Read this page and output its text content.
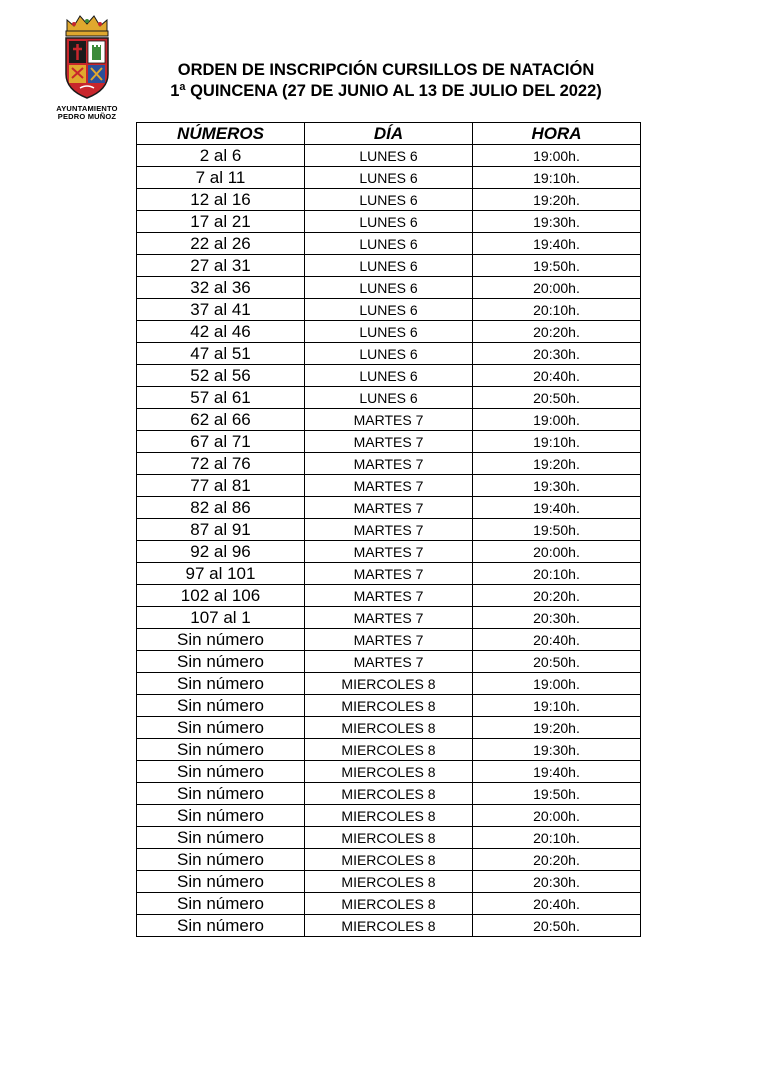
AYUNTAMIENTO
PEDRO MUÑOZ
ORDEN DE INSCRIPCIÓN CURSILLOS DE NATACIÓN
1ª QUINCENA (27 DE JUNIO AL 13 DE JULIO DEL 2022)
NÚMEROS	DÍA	HORA
2 al 6	LUNES 6	19:00h.
7 al 11	LUNES 6	19:10h.
12 al 16	LUNES 6	19:20h.
17 al 21	LUNES 6	19:30h.
22 al 26	LUNES 6	19:40h.
27 al 31	LUNES 6	19:50h.
32 al 36	LUNES 6	20:00h.
37 al 41	LUNES 6	20:10h.
42 al 46	LUNES 6	20:20h.
47 al 51	LUNES 6	20:30h.
52 al 56	LUNES 6	20:40h.
57 al 61	LUNES 6	20:50h.
62 al 66	MARTES 7	19:00h.
67 al 71	MARTES 7	19:10h.
72 al 76	MARTES 7	19:20h.
77 al 81	MARTES 7	19:30h.
82 al 86	MARTES 7	19:40h.
87 al 91	MARTES 7	19:50h.
92 al 96	MARTES 7	20:00h.
97 al 101	MARTES 7	20:10h.
102 al 106	MARTES 7	20:20h.
107 al 1	MARTES 7	20:30h.
Sin número	MARTES 7	20:40h.
Sin número	MARTES 7	20:50h.
Sin número	MIERCOLES 8	19:00h.
Sin número	MIERCOLES 8	19:10h.
Sin número	MIERCOLES 8	19:20h.
Sin número	MIERCOLES 8	19:30h.
Sin número	MIERCOLES 8	19:40h.
Sin número	MIERCOLES 8	19:50h.
Sin número	MIERCOLES 8	20:00h.
Sin número	MIERCOLES 8	20:10h.
Sin número	MIERCOLES 8	20:20h.
Sin número	MIERCOLES 8	20:30h.
Sin número	MIERCOLES 8	20:40h.
Sin número	MIERCOLES 8	20:50h.
